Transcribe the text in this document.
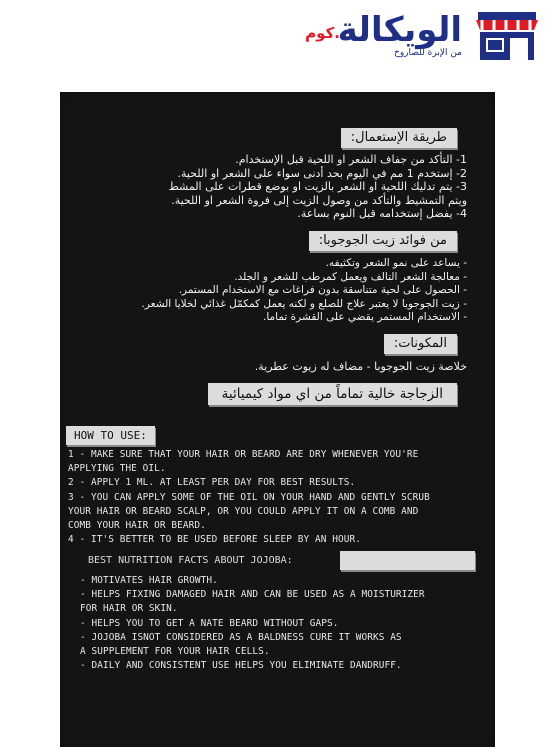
.كوم
الويكالة
من الإبرة للصاروخ
طريقة الإستعمال:
1- التأكد من جفاف الشعر او اللحية قبل الإستخدام.
2- إستخدم 1 مم في اليوم بحد أدنى سواء على الشعر او اللحية.
3- يتم تدليك اللحية او الشعر بالزيت او بوضع قطرات على المشط
ويتم التمشيط والتأكد من وصول الزيت إلى فروة الشعر او اللحية.
4- يفضل إستخدامه قبل النوم بساعة.
من فوائد زيت الجوجوبا:
- يساعد على نمو الشعر وتكثيفه.
- معالجة الشعر التالف ويعمل كمرطب للشعر و الجلد.
- الحصول على لحية متناسقة بدون فراغات مع الاستخدام المستمر.
- زيت الجوجوبا لا يعتبر علاج للصلع و لكنه يعمل كمكمّل غذائي لخلايا الشعر.
- الاستخدام المستمر يقضي على القشرة تماما.
المكونات:
خلاصة زيت الجوجوبا - مضاف له زيوت عطرية.
الزجاجة خالية تماماً من اي مواد كيميائية
HOW TO USE:
1 - MAKE SURE THAT YOUR HAIR OR BEARD ARE DRY WHENEVER YOU'RE
APPLYING THE OIL.
2 - APPLY 1 ML. AT LEAST PER DAY FOR BEST RESULTS.
3 - YOU CAN APPLY SOME OF THE OIL ON YOUR HAND AND GENTLY SCRUB
YOUR HAIR OR BEARD SCALP, OR YOU COULD APPLY IT ON A COMB AND
COMB YOUR HAIR OR BEARD.
4 - IT'S BETTER TO BE USED BEFORE SLEEP BY AN HOUR.
BEST NUTRITION FACTS ABOUT JOJOBA:
- MOTIVATES HAIR GROWTH.
- HELPS FIXING DAMAGED HAIR AND CAN BE USED AS A MOISTURIZER
FOR HAIR OR SKIN.
- HELPS YOU TO GET A NATE BEARD WITHOUT GAPS.
- JOJOBA ISNOT CONSIDERED AS A BALDNESS CURE IT WORKS AS
A SUPPLEMENT FOR YOUR HAIR CELLS.
- DAILY AND CONSISTENT USE HELPS YOU ELIMINATE DANDRUFF.
